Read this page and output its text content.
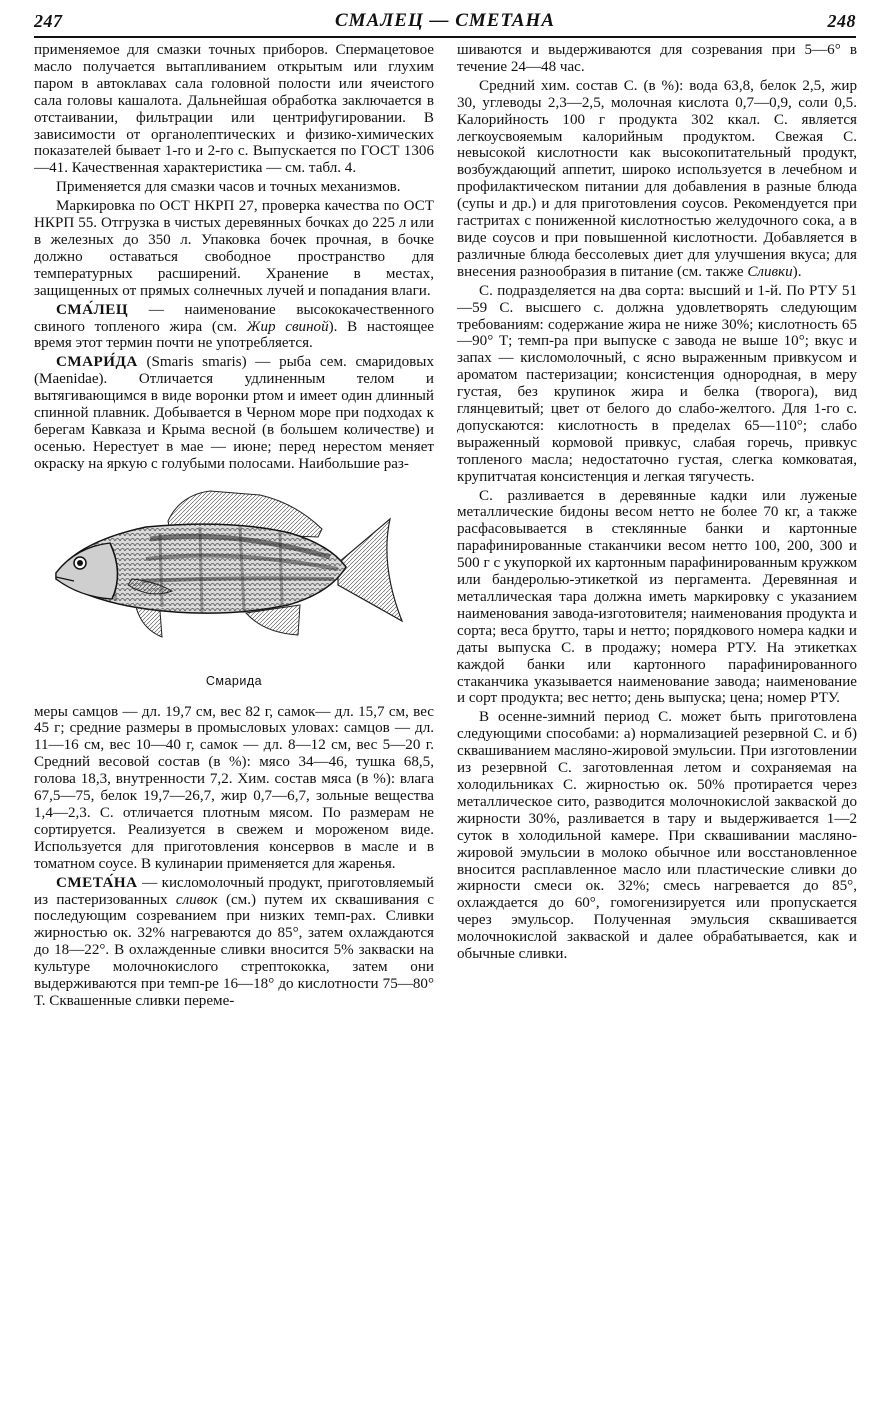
247	СМАЛЕЦ — СМЕТАНА	248

применяемое для смазки точных приборов. Спермацетовое масло получается вытапливанием открытым или глухим паром в автоклавах сала головной полости или ячеистого сала головы кашалота. Дальнейшая обработка заключается в отстаивании, фильтрации или центрифугировании. В зависимости от органолептических и физико-химических показателей бывает 1-го и 2-го с. Выпускается по ГОСТ 1306—41. Качественная характеристика — см. табл. 4.

Применяется для смазки часов и точных механизмов.

Маркировка по ОСТ НКРП 27, проверка качества по ОСТ НКРП 55. Отгрузка в чистых деревянных бочках до 225 л или в железных до 350 л. Упаковка бочек прочная, в бочке должно оставаться свободное пространство для температурных расширений. Хранение в местах, защищенных от прямых солнечных лучей и попадания влаги.

СМА́ЛЕЦ — наименование высококачественного свиного топленого жира (см. Жир свиной). В настоящее время этот термин почти не употребляется.

СМАРИ́ДА (Smaris smaris) — рыба сем. смаридовых (Maenidae). Отличается удлиненным телом и вытягивающимся в виде воронки ртом и имеет один длинный спинной плавник. Добывается в Черном море при подходах к берегам Кавказа и Крыма весной (в большем количестве) и осенью. Нерестует в мае — июне; перед нерестом меняет окраску на яркую с голубыми полосами. Наибольшие раз-

Смарида

меры самцов — дл. 19,7 см, вес 82 г, самок— дл. 15,7 см, вес 45 г; средние размеры в промысловых уловах: самцов — дл. 11—16 см, вес 10—40 г, самок — дл. 8—12 см, вес 5—20 г. Средний весовой состав (в %): мясо 34—46, тушка 68,5, голова 18,3, внутренности 7,2. Хим. состав мяса (в %): влага 67,5—75, белок 19,7—26,7, жир 0,7—6,7, зольные вещества 1,4—2,3. С. отличается плотным мясом. По размерам не сортируется. Реализуется в свежем и мороженом виде. Используется для приготовления консервов в масле и в томатном соусе. В кулинарии применяется для жаренья.

СМЕТА́НА — кисломолочный продукт, приготовляемый из пастеризованных сливок (см.) путем их сквашивания с последующим созреванием при низких темп-рах. Сливки жирностью ок. 32% нагреваются до 85°, затем охлаждаются до 18—22°. В охлажденные сливки вносится 5% закваски на культуре молочнокислого стрептококка, затем они выдерживаются при темп-ре 16—18° до кислотности 75—80° Т. Сквашенные сливки переме-

шиваются и выдерживаются для созревания при 5—6° в течение 24—48 час.

Средний хим. состав С. (в %): вода 63,8, белок 2,5, жир 30, углеводы 2,3—2,5, молочная кислота 0,7—0,9, соли 0,5. Калорийность 100 г продукта 302 ккал. С. является легкоусвояемым калорийным продуктом. Свежая С. невысокой кислотности как высокопитательный продукт, возбуждающий аппетит, широко используется в лечебном и профилактическом питании для добавления в разные блюда (супы и др.) и для приготовления соусов. Рекомендуется при гастритах с пониженной кислотностью желудочного сока, а в виде соусов и при повышенной кислотности. Добавляется в различные блюда бессолевых диет для улучшения вкуса; для внесения разнообразия в питание (см. также Сливки).

С. подразделяется на два сорта: высший и 1-й. По РТУ 51—59 С. высшего с. должна удовлетворять следующим требованиям: содержание жира не ниже 30%; кислотность 65—90° Т; темп-ра при выпуске с завода не выше 10°; вкус и запах — кисломолочный, с ясно выраженным привкусом и ароматом пастеризации; консистенция однородная, в меру густая, без крупинок жира и белка (творога), вид глянцевитый; цвет от белого до слабо-желтого. Для 1-го с. допускаются: кислотность в пределах 65—110°; слабо выраженный кормовой привкус, слабая горечь, привкус топленого масла; недостаточно густая, слегка комковатая, крупитчатая консистенция и легкая тягучесть.

С. разливается в деревянные кадки или луженые металлические бидоны весом нетто не более 70 кг, а также расфасовывается в стеклянные банки и картонные парафинированные стаканчики весом нетто 100, 200, 300 и 500 г с укупоркой их картонным парафинированным кружком или бандеролью-этикеткой из пергамента. Деревянная и металлическая тара должна иметь маркировку с указанием наименования завода-изготовителя; наименования продукта и сорта; веса брутто, тары и нетто; порядкового номера кадки и даты выпуска С. в продажу; номера РТУ. На этикетках каждой банки или картонного парафинированного стаканчика указывается наименование завода; наименование и сорт продукта; вес нетто; день выпуска; цена; номер РТУ.

В осенне-зимний период С. может быть приготовлена следующими способами: а) нормализацией резервной С. и б) сквашиванием масляно-жировой эмульсии. При изготовлении из резервной С. заготовленная летом и сохраняемая на холодильниках С. жирностью ок. 50% протирается через металлическое сито, разводится молочнокислой закваской до жирности 30%, разливается в тару и выдерживается 1—2 суток в холодильной камере. При сквашивании масляно-жировой эмульсии в молоко обычное или восстановленное вносится расплавленное масло или пластические сливки до жирности смеси ок. 32%; смесь нагревается до 85°, охлаждается до 60°, гомогенизируется или пропускается через эмульсор. Полученная эмульсия сквашивается молочнокислой закваской и далее обрабатывается, как и обычные сливки.
